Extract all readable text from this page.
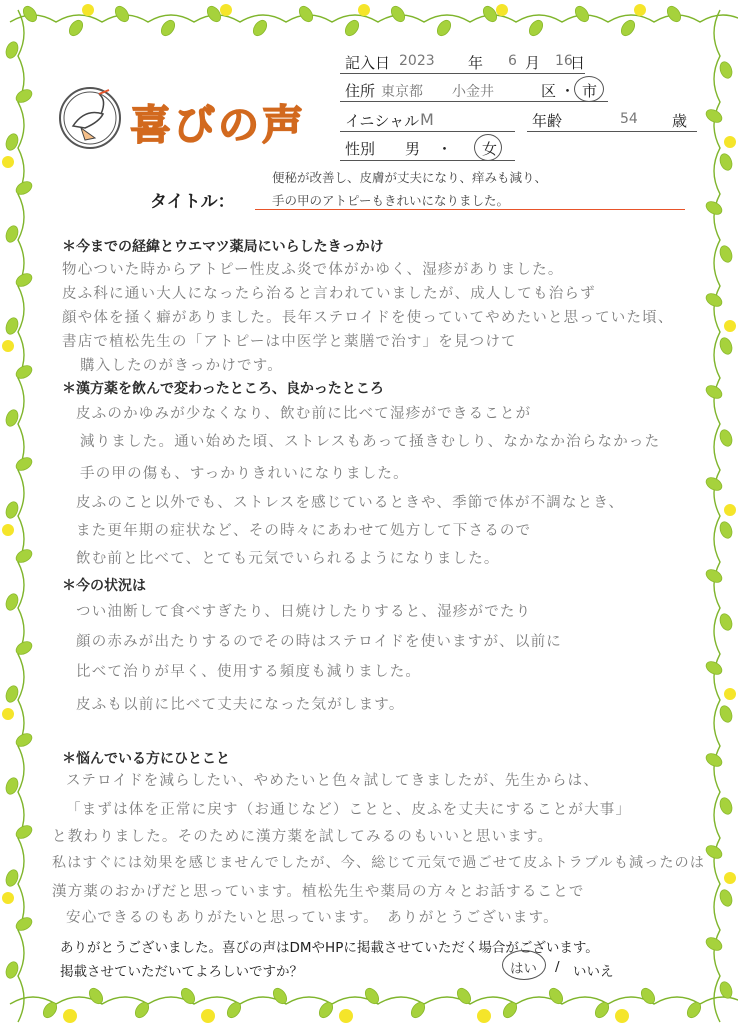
喜びの声
記入日 2023 年 6 月 16
日
住所 東京都 小金井	区 ・ 市
イニシャル M	年齢	54 歳
性別 男 ・ 女
タイトル：
便秘が改善し、皮膚が丈夫になり、痒みも減り、
手の甲のアトピーもきれいになりました。
＊今までの経緯とウエマツ薬局にいらしたきっかけ
物心ついた時からアトピー性皮ふ炎で体がかゆく、湿疹がありました。
皮ふ科に通い大人になったら治ると言われていましたが、成人しても治らず
顔や体を掻く癖がありました。長年ステロイドを使っていてやめたいと思っていた頃、
書店で植松先生の「アトピーは中医学と薬膳で治す」を見つけて
購入したのがきっかけです。
＊漢方薬を飲んで変わったところ、良かったところ
皮ふのかゆみが少なくなり、飲む前に比べて湿疹ができることが
減りました。通い始めた頃、ストレスもあって掻きむしり、なかなか治らなかった
手の甲の傷も、すっかりきれいになりました。
皮ふのこと以外でも、ストレスを感じているときや、季節で体が不調なとき、
また更年期の症状など、その時々にあわせて処方して下さるので
飲む前と比べて、とても元気でいられるようになりました。
＊今の状況は
つい油断して食べすぎたり、日焼けしたりすると、湿疹がでたり
顔の赤みが出たりするのでその時はステロイドを使いますが、以前に
比べて治りが早く、使用する頻度も減りました。
皮ふも以前に比べて丈夫になった気がします。
＊悩んでいる方にひとこと
ステロイドを減らしたい、やめたいと色々試してきましたが、先生からは、
「まずは体を正常に戻す（お通じなど）ことと、皮ふを丈夫にすることが大事」
と教わりました。そのために漢方薬を試してみるのもいいと思います。
私はすぐには効果を感じませんでしたが、今、総じて元気で過ごせて皮ふトラブルも減ったのは
漢方薬のおかげだと思っています。植松先生や薬局の方々とお話することで
安心できるのもありがたいと思っています。　ありがとうございます。
ありがとうございました。喜びの声はDMやHPに掲載させていただく場合がございます。
掲載させていただいてよろしいですか？	はい / いいえ
